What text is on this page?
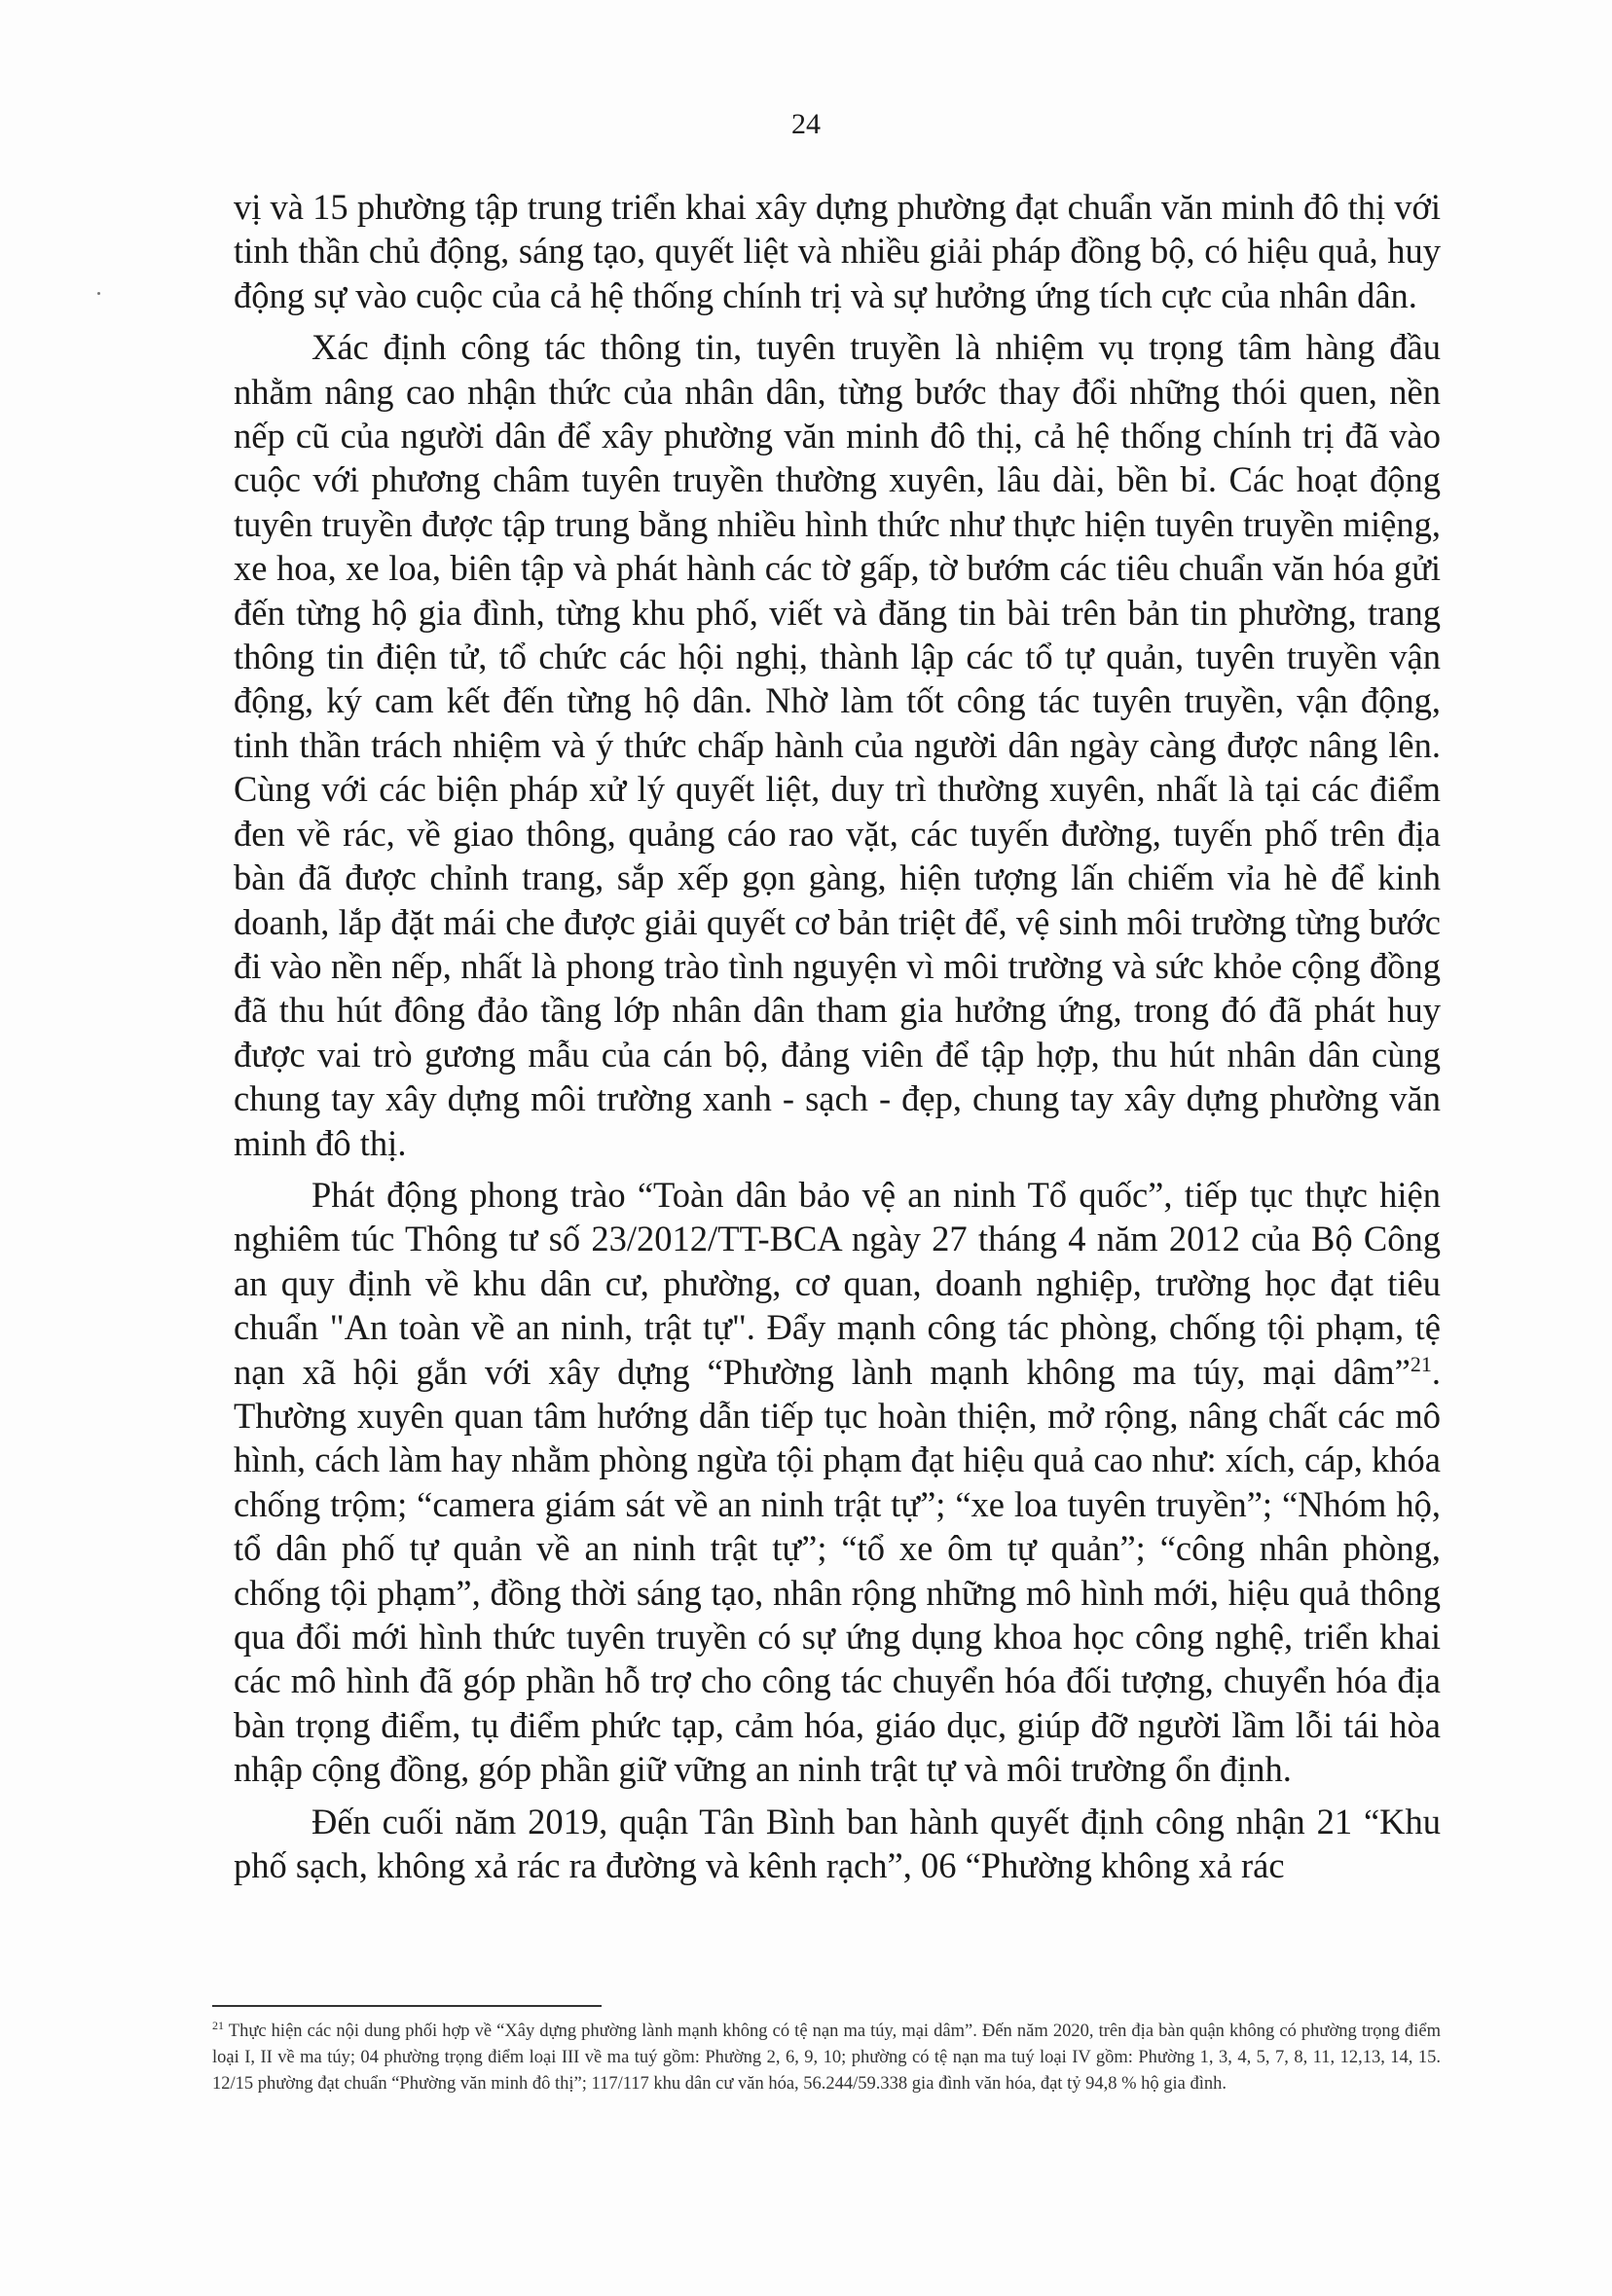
24

vị và 15 phường tập trung triển khai xây dựng phường đạt chuẩn văn minh đô thị với tinh thần chủ động, sáng tạo, quyết liệt và nhiều giải pháp đồng bộ, có hiệu quả, huy động sự vào cuộc của cả hệ thống chính trị và sự hưởng ứng tích cực của nhân dân.

Xác định công tác thông tin, tuyên truyền là nhiệm vụ trọng tâm hàng đầu nhằm nâng cao nhận thức của nhân dân, từng bước thay đổi những thói quen, nền nếp cũ của người dân để xây phường văn minh đô thị, cả hệ thống chính trị đã vào cuộc với phương châm tuyên truyền thường xuyên, lâu dài, bền bỉ. Các hoạt động tuyên truyền được tập trung bằng nhiều hình thức như thực hiện tuyên truyền miệng, xe hoa, xe loa, biên tập và phát hành các tờ gấp, tờ bướm các tiêu chuẩn văn hóa gửi đến từng hộ gia đình, từng khu phố, viết và đăng tin bài trên bản tin phường, trang thông tin điện tử, tổ chức các hội nghị, thành lập các tổ tự quản, tuyên truyền vận động, ký cam kết đến từng hộ dân. Nhờ làm tốt công tác tuyên truyền, vận động, tinh thần trách nhiệm và ý thức chấp hành của người dân ngày càng được nâng lên. Cùng với các biện pháp xử lý quyết liệt, duy trì thường xuyên, nhất là tại các điểm đen về rác, về giao thông, quảng cáo rao vặt, các tuyến đường, tuyến phố trên địa bàn đã được chỉnh trang, sắp xếp gọn gàng, hiện tượng lấn chiếm vỉa hè để kinh doanh, lắp đặt mái che được giải quyết cơ bản triệt để, vệ sinh môi trường từng bước đi vào nền nếp, nhất là phong trào tình nguyện vì môi trường và sức khỏe cộng đồng đã thu hút đông đảo tầng lớp nhân dân tham gia hưởng ứng, trong đó đã phát huy được vai trò gương mẫu của cán bộ, đảng viên để tập hợp, thu hút nhân dân cùng chung tay xây dựng môi trường xanh - sạch - đẹp, chung tay xây dựng phường văn minh đô thị.

Phát động phong trào “Toàn dân bảo vệ an ninh Tổ quốc”, tiếp tục thực hiện nghiêm túc Thông tư số 23/2012/TT-BCA ngày 27 tháng 4 năm 2012 của Bộ Công an quy định về khu dân cư, phường, cơ quan, doanh nghiệp, trường học đạt tiêu chuẩn "An toàn về an ninh, trật tự". Đẩy mạnh công tác phòng, chống tội phạm, tệ nạn xã hội gắn với xây dựng “Phường lành mạnh không ma túy, mại dâm”$^{21}$. Thường xuyên quan tâm hướng dẫn tiếp tục hoàn thiện, mở rộng, nâng chất các mô hình, cách làm hay nhằm phòng ngừa tội phạm đạt hiệu quả cao như: xích, cáp, khóa chống trộm; “camera giám sát về an ninh trật tự”; “xe loa tuyên truyền”; “Nhóm hộ, tổ dân phố tự quản về an ninh trật tự”; “tổ xe ôm tự quản”; “công nhân phòng, chống tội phạm”, đồng thời sáng tạo, nhân rộng những mô hình mới, hiệu quả thông qua đổi mới hình thức tuyên truyền có sự ứng dụng khoa học công nghệ, triển khai các mô hình đã góp phần hỗ trợ cho công tác chuyển hóa đối tượng, chuyển hóa địa bàn trọng điểm, tụ điểm phức tạp, cảm hóa, giáo dục, giúp đỡ người lầm lỗi tái hòa nhập cộng đồng, góp phần giữ vững an ninh trật tự và môi trường ổn định.

Đến cuối năm 2019, quận Tân Bình ban hành quyết định công nhận 21 “Khu phố sạch, không xả rác ra đường và kênh rạch”, 06 “Phường không xả rác

$^{21}$ Thực hiện các nội dung phối hợp về “Xây dựng phường lành mạnh không có tệ nạn ma túy, mại dâm”. Đến năm 2020, trên địa bàn quận không có phường trọng điểm loại I, II về ma túy; 04 phường trọng điểm loại III về ma tuý gồm: Phường 2, 6, 9, 10; phường có tệ nạn ma tuý loại IV gồm: Phường 1, 3, 4, 5, 7, 8, 11, 12,13, 14, 15. 12/15 phường đạt chuẩn “Phường văn minh đô thị”; 117/117 khu dân cư văn hóa, 56.244/59.338 gia đình văn hóa, đạt tỷ 94,8 % hộ gia đình.
